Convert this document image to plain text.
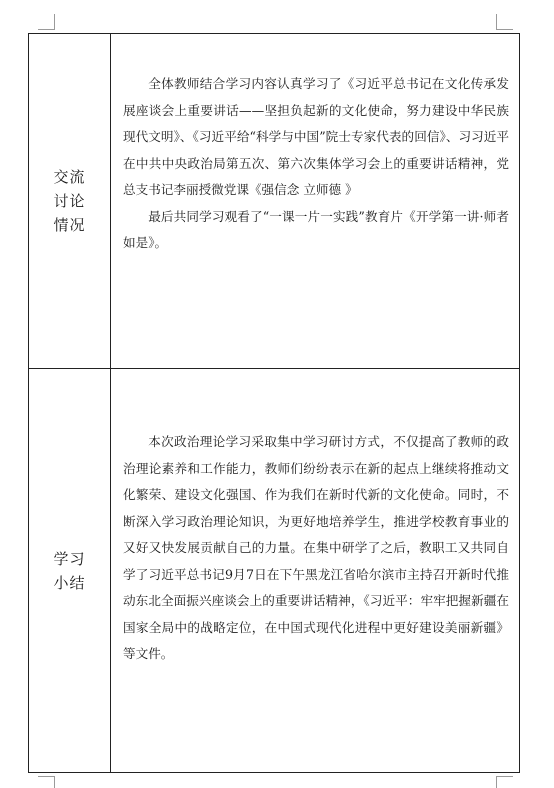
交流讨论情况

全体教师结合学习内容认真学习了《习近平总书记在文化传承发展座谈会上重要讲话——坚担负起新的文化使命，努力建设中华民族现代文明》、《习近平给“科学与中国”院士专家代表的回信》、习习近平在中共中央政治局第五次、第六次集体学习会上的重要讲话精神，党总支书记李丽授微党课《强信念 立师德 》

最后共同学习观看了“一课一片一实践”教育片《开学第一讲·师者如是》。

学习小结

本次政治理论学习采取集中学习研讨方式，不仅提高了教师的政治理论素养和工作能力，教师们纷纷表示在新的起点上继续将推动文化繁荣、建设文化强国、作为我们在新时代新的文化使命。同时，不断深入学习政治理论知识，为更好地培养学生，推进学校教育事业的又好又快发展贡献自己的力量。在集中研学了之后，教职工又共同自学了习近平总书记9月7日在下午黑龙江省哈尔滨市主持召开新时代推动东北全面振兴座谈会上的重要讲话精神，《习近平：牢牢把握新疆在国家全局中的战略定位，在中国式现代化进程中更好建设美丽新疆》等文件。
